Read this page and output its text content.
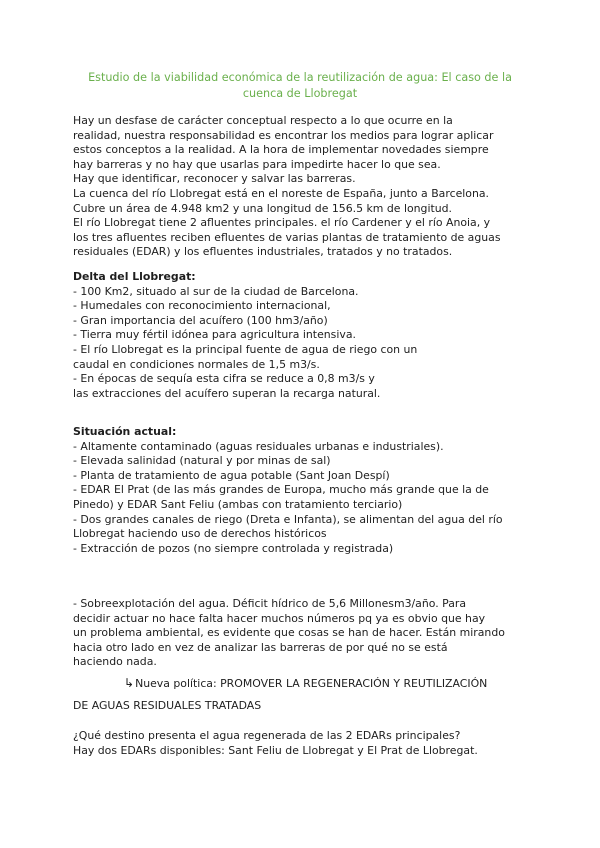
Estudio de la viabilidad económica de la reutilización de agua: El caso de la
cuenca de Llobregat
Hay un desfase de carácter conceptual respecto a lo que ocurre en la
realidad, nuestra responsabilidad es encontrar los medios para lograr aplicar
estos conceptos a la realidad. A la hora de implementar novedades siempre
hay barreras y no hay que usarlas para impedirte hacer lo que sea.
Hay que identificar, reconocer y salvar las barreras.
La cuenca del río Llobregat está en el noreste de España, junto a Barcelona.
Cubre un área de 4.948 km2 y una longitud de 156.5 km de longitud.
El río Llobregat tiene 2 afluentes principales. el río Cardener y el río Anoia, y
los tres afluentes reciben efluentes de varias plantas de tratamiento de aguas
residuales (EDAR) y los efluentes industriales, tratados y no tratados.
Delta del Llobregat:
- 100 Km2, situado al sur de la ciudad de Barcelona.
- Humedales con reconocimiento internacional,
- Gran importancia del acuífero (100 hm3/año)
- Tierra muy fértil idónea para agricultura intensiva.
- El río Llobregat es la principal fuente de agua de riego con un
caudal en condiciones normales de 1,5 m3/s.
- En épocas de sequía esta cifra se reduce a 0,8 m3/s y
las extracciones del acuífero superan la recarga natural.
Situación actual:
- Altamente contaminado (aguas residuales urbanas e industriales).
- Elevada salinidad (natural y por minas de sal)
- Planta de tratamiento de agua potable (Sant Joan Despí)
- EDAR El Prat (de las más grandes de Europa, mucho más grande que la de
Pinedo) y EDAR Sant Feliu (ambas con tratamiento terciario)
- Dos grandes canales de riego (Dreta e Infanta), se alimentan del agua del río
Llobregat haciendo uso de derechos históricos
- Extracción de pozos (no siempre controlada y registrada)
- Sobreexplotación del agua. Déficit hídrico de 5,6 Millonesm3/año. Para
decidir actuar no hace falta hacer muchos números pq ya es obvio que hay
un problema ambiental, es evidente que cosas se han de hacer. Están mirando
hacia otro lado en vez de analizar las barreras de por qué no se está
haciendo nada.
↳Nueva política: PROMOVER LA REGENERACIÓN Y REUTILIZACIÓN
DE AGUAS RESIDUALES TRATADAS
¿Qué destino presenta el agua regenerada de las 2 EDARs principales?
Hay dos EDARs disponibles: Sant Feliu de Llobregat y El Prat de Llobregat.
